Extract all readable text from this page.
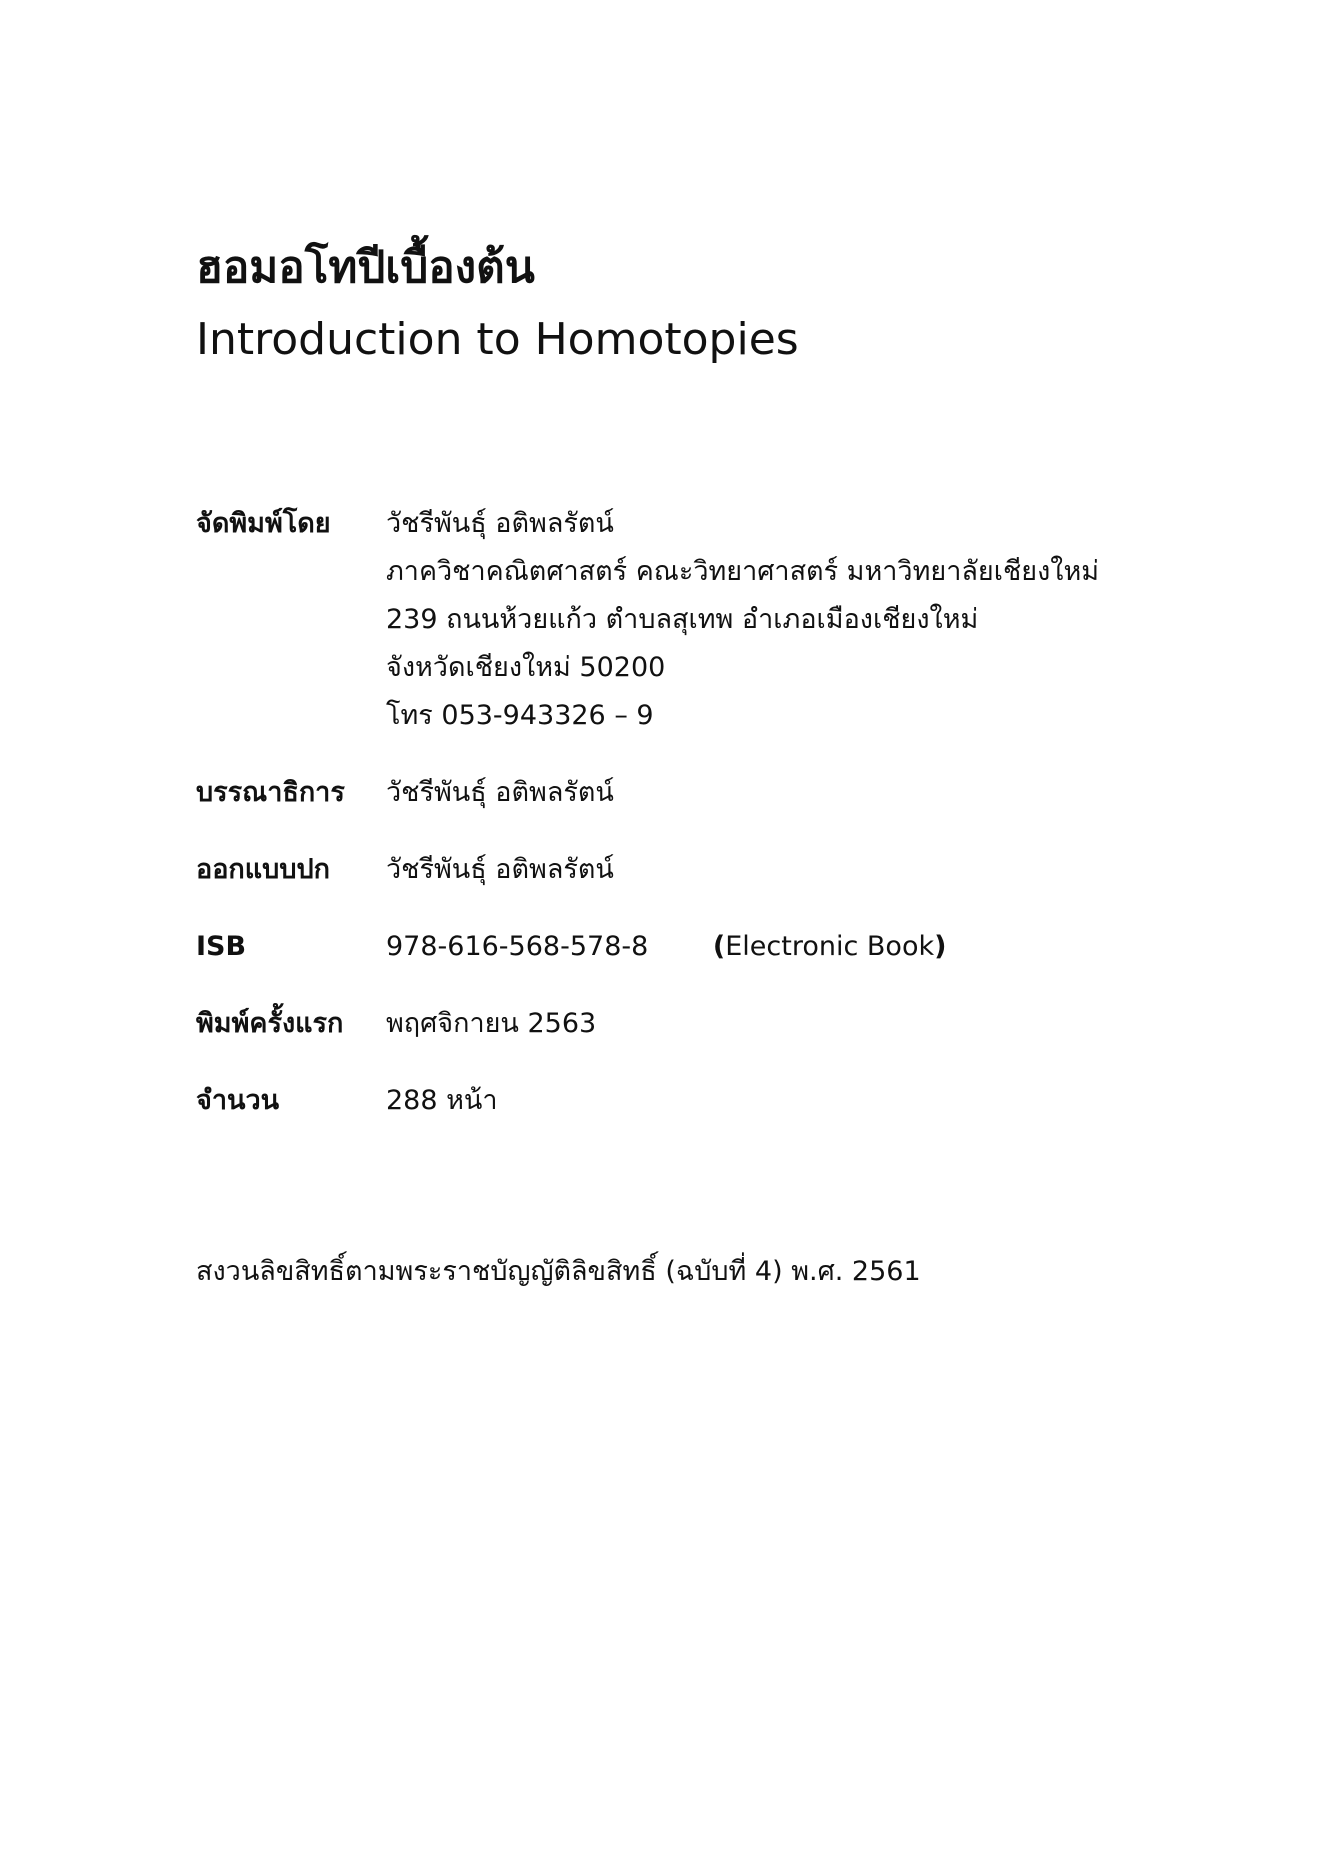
ฮอมอโทปีเบื้องต้น
Introduction to Homotopies
จัดพิมพ์โดย	วัชรีพันธุ์ อติพลรัตน์
ภาควิชาคณิตศาสตร์ คณะวิทยาศาสตร์ มหาวิทยาลัยเชียงใหม่
239 ถนนห้วยแก้ว ตำบลสุเทพ อำเภอเมืองเชียงใหม่
จังหวัดเชียงใหม่ 50200
โทร 053-943326 – 9
บรรณาธิการ	วัชรีพันธุ์ อติพลรัตน์
ออกแบบปก	วัชรีพันธุ์ อติพลรัตน์
ISB	978-616-568-578-8 (Electronic Book)
พิมพ์ครั้งแรก	พฤศจิกายน 2563
จำนวน	288 หน้า
สงวนลิขสิทธิ์ตามพระราชบัญญัติลิขสิทธิ์ (ฉบับที่ 4) พ.ศ. 2561
